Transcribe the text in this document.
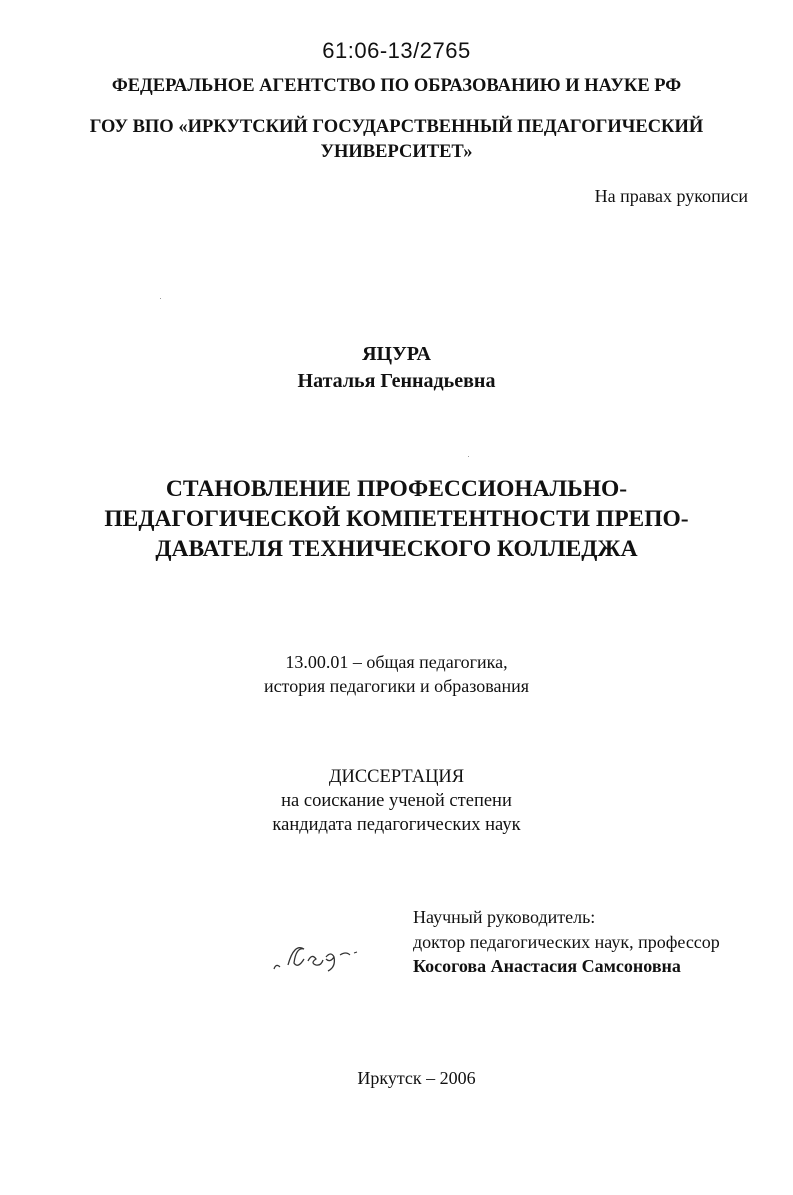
61:06-13/2765
ФЕДЕРАЛЬНОЕ АГЕНТСТВО ПО ОБРАЗОВАНИЮ И НАУКЕ РФ
ГОУ ВПО «ИРКУТСКИЙ ГОСУДАРСТВЕННЫЙ ПЕДАГОГИЧЕСКИЙ
УНИВЕРСИТЕТ»
На правах рукописи
ЯЦУРА
Наталья Геннадьевна
СТАНОВЛЕНИЕ ПРОФЕССИОНАЛЬНО-
ПЕДАГОГИЧЕСКОЙ КОМПЕТЕНТНОСТИ ПРЕПО-
ДАВАТЕЛЯ ТЕХНИЧЕСКОГО КОЛЛЕДЖА
13.00.01 – общая педагогика,
история педагогики и образования
ДИССЕРТАЦИЯ
на соискание ученой степени
кандидата педагогических наук
Научный руководитель:
доктор педагогических наук, профессор
Косогова Анастасия Самсоновна
Иркутск – 2006
